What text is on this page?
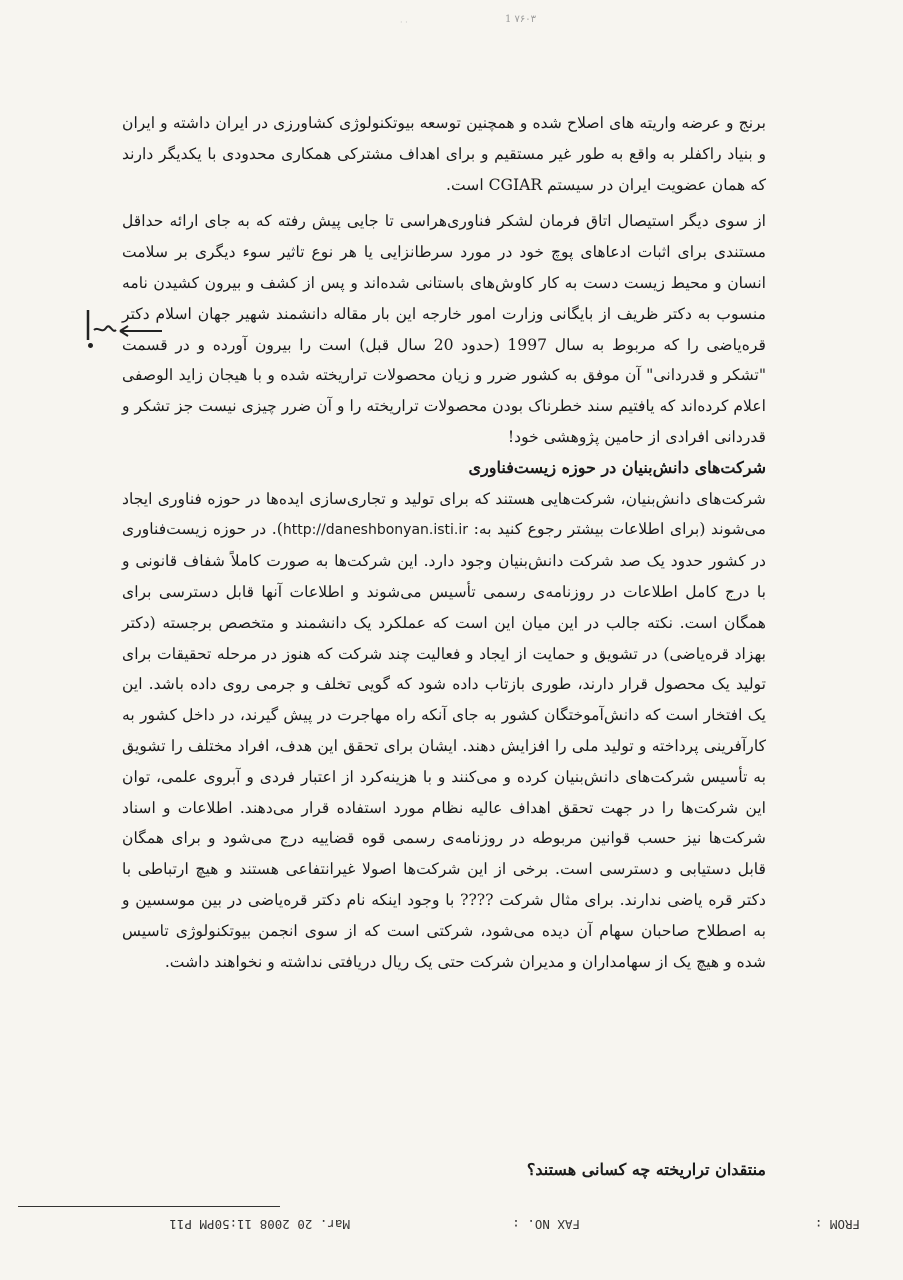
· ·	1 ۷۶۰۳

برنج و عرضه واریته های اصلاح شده و همچنین توسعه بیوتکنولوژی کشاورزی در ایران داشته و ایران و بنیاد راکفلر به واقع به طور غیر مستقیم و برای اهداف مشترکی همکاری محدودی با یکدیگر دارند که همان عضویت ایران در سیستم CGIAR است.

از سوی دیگر استیصال اتاق فرمان لشکر فناوری‌هراسی تا جایی پیش رفته که به جای ارائه حداقل مستندی برای اثبات ادعاهای پوچ خود در مورد سرطانزایی یا هر نوع تاثیر سوء دیگری بر سلامت انسان و محیط زیست دست به کار کاوش‌های باستانی شده‌اند و پس از کشف و بیرون کشیدن نامه منسوب به دکتر ظریف از بایگانی وزارت امور خارجه این بار مقاله دانشمند شهیر جهان اسلام دکتر قره‌یاضی را که مربوط به سال 1997 (حدود 20 سال قبل) است را بیرون آورده و در قسمت "تشکر و قدردانی" آن موفق به کشور ضرر و زیان محصولات تراریخته شده و با هیجان زاید الوصفی اعلام کرده‌اند که یافتیم سند خطرناک بودن محصولات تراریخته را و آن ضرر چیزی نیست جز تشکر و قدردانی افرادی از حامین پژوهشی خود!

شرکت‌های دانش‌بنیان در حوزه زیست‌فناوری

شرکت‌های دانش‌بنیان، شرکت‌هایی هستند که برای تولید و تجاری‌سازی ایده‌ها در حوزه فناوری ایجاد می‌شوند (برای اطلاعات بیشتر رجوع کنید به: http://daneshbonyan.isti.ir). در حوزه زیست‌فناوری در کشور حدود یک صد شرکت دانش‌بنیان وجود دارد. این شرکت‌ها به صورت کاملاً شفاف قانونی و با درج کامل اطلاعات در روزنامه‌ی رسمی تأسیس می‌شوند و اطلاعات آنها قابل دسترسی برای همگان است. نکته جالب در این میان این است که عملکرد یک دانشمند و متخصص برجسته (دکتر بهزاد قره‌یاضی) در تشویق و حمایت از ایجاد و فعالیت چند شرکت که هنوز در مرحله تحقیقات برای تولید یک محصول قرار دارند، طوری بازتاب داده شود که گویی تخلف و جرمی روی داده باشد. این یک افتخار است که دانش‌آموختگان کشور به جای آنکه راه مهاجرت در پیش گیرند، در داخل کشور به کارآفرینی پرداخته و تولید ملی را افزایش دهند. ایشان برای تحقق این هدف، افراد مختلف را تشویق به تأسیس شرکت‌های دانش‌بنیان کرده و می‌کنند و با هزینه‌کرد از اعتبار فردی و آبروی علمی، توان این شرکت‌ها را در جهت تحقق اهداف عالیه نظام مورد استفاده قرار می‌دهند. اطلاعات و اسناد شرکت‌ها نیز حسب قوانین مربوطه در روزنامه‌ی رسمی قوه قضاییه درج می‌شود و برای همگان قابل دستیابی و دسترسی است. برخی از این شرکت‌ها اصولا غیرانتفاعی هستند و هیچ ارتباطی با دکتر قره یاضی ندارند. برای مثال شرکت ???? با وجود اینکه نام دکتر قره‌یاضی در بین موسسین و به اصطلاح صاحبان سهام آن دیده می‌شود، شرکتی است که از سوی انجمن بیوتکنولوژی تاسیس شده و هیچ یک از سهامداران و مدیران شرکت حتی یک ریال دریافتی نداشته و نخواهند داشت.

منتقدان تراریخته چه کسانی هستند؟

FROM :
FAX NO. :
Mar. 20 2008 11:50PM P11
